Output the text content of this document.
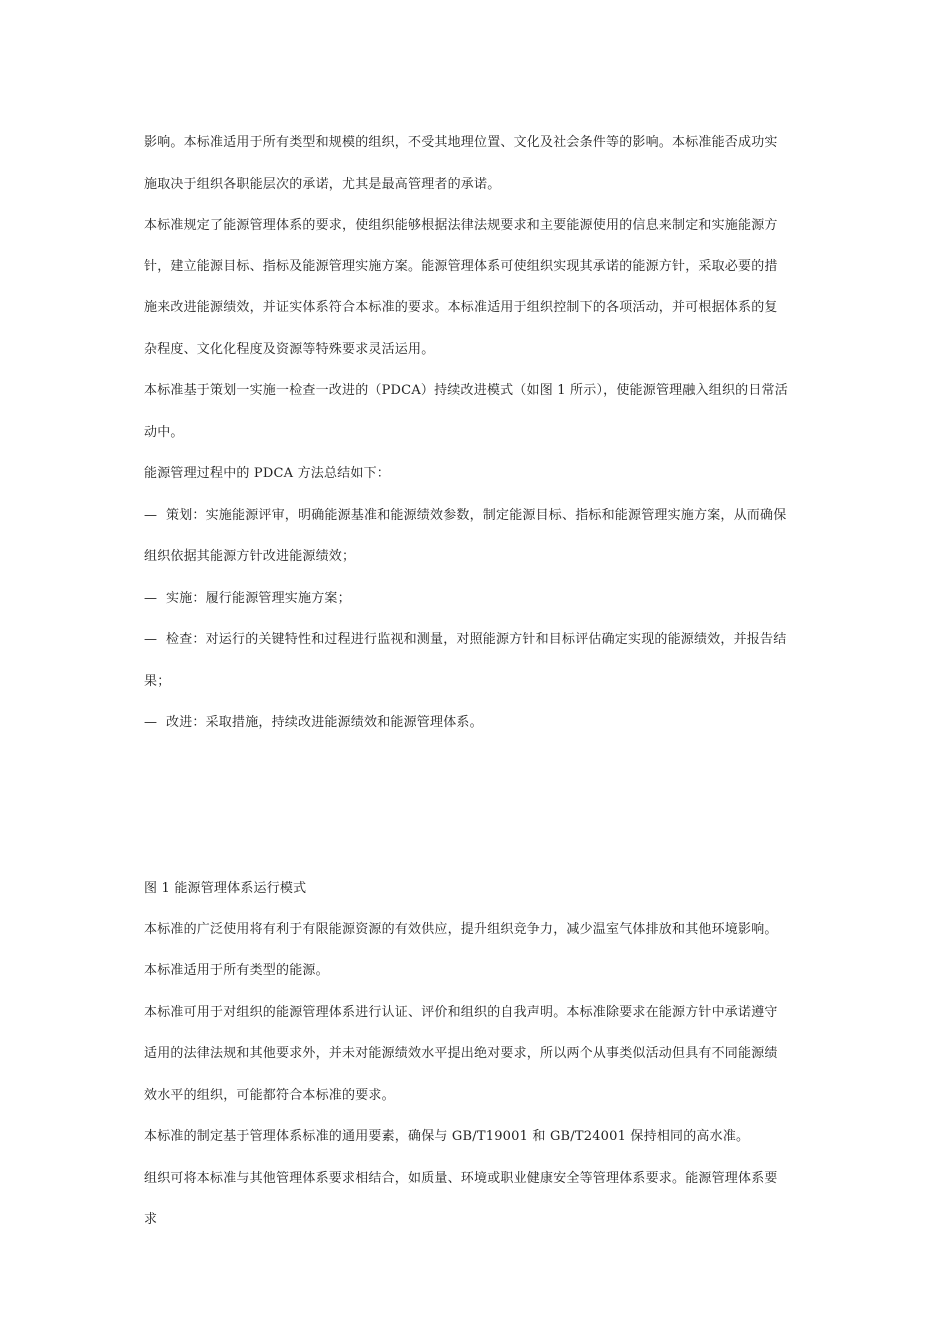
影响。本标准适用于所有类型和规模的组织，不受其地理位置、文化及社会条件等的影响。本标准能否成功实
施取决于组织各职能层次的承诺，尤其是最高管理者的承诺。
本标准规定了能源管理体系的要求，使组织能够根据法律法规要求和主要能源使用的信息来制定和实施能源方
针，建立能源目标、指标及能源管理实施方案。能源管理体系可使组织实现其承诺的能源方针，采取必要的措
施来改进能源绩效，并证实体系符合本标准的要求。本标准适用于组织控制下的各项活动，并可根据体系的复
杂程度、文化化程度及资源等特殊要求灵活运用。
本标准基于策划一实施一检查一改进的（PDCA）持续改进模式（如图 1 所示），使能源管理融入组织的日常活
动中。
能源管理过程中的 PDCA 方法总结如下：
— 策划：实施能源评审，明确能源基准和能源绩效参数，制定能源目标、指标和能源管理实施方案，从而确保
组织依据其能源方针改进能源绩效；
— 实施：履行能源管理实施方案；
— 检查：对运行的关键特性和过程进行监视和测量，对照能源方针和目标评估确定实现的能源绩效，并报告结
果；
— 改进：采取措施，持续改进能源绩效和能源管理体系。
图 1 能源管理体系运行模式
本标准的广泛使用将有利于有限能源资源的有效供应，提升组织竞争力，减少温室气体排放和其他环境影响。
本标准适用于所有类型的能源。
本标准可用于对组织的能源管理体系进行认证、评价和组织的自我声明。本标准除要求在能源方针中承诺遵守
适用的法律法规和其他要求外，并未对能源绩效水平提出绝对要求，所以两个从事类似活动但具有不同能源绩
效水平的组织，可能都符合本标准的要求。
本标准的制定基于管理体系标准的通用要素，确保与 GB/T19001 和 GB/T24001 保持相同的高水准。
组织可将本标准与其他管理体系要求相结合，如质量、环境或职业健康安全等管理体系要求。能源管理体系要
求
